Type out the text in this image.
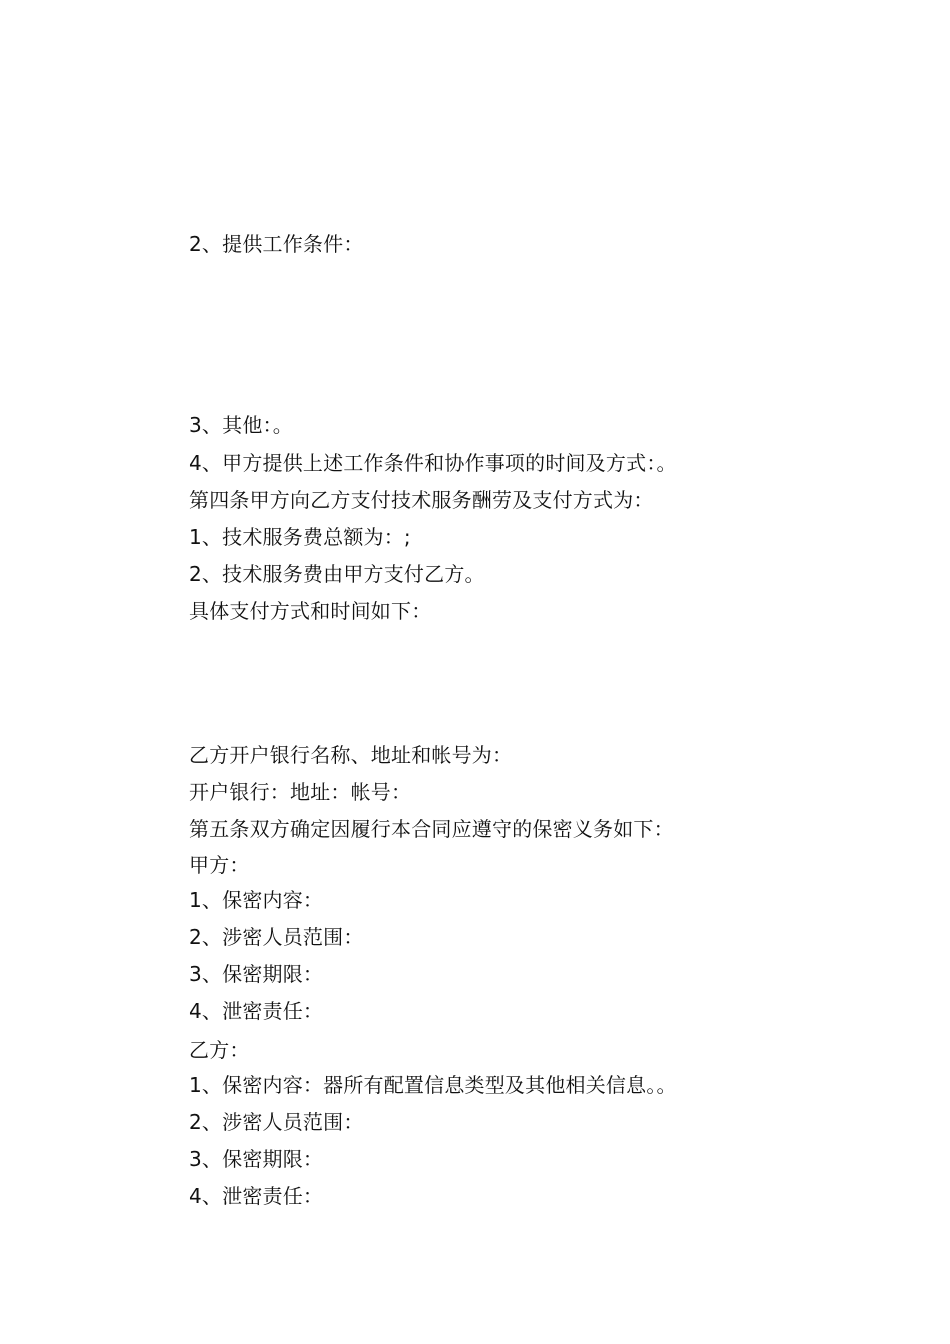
2、提供工作条件：

3、其他：。

4、甲方提供上述工作条件和协作事项的时间及方式：。

第四条甲方向乙方支付技术服务酬劳及支付方式为：

1、技术服务费总额为：;

2、技术服务费由甲方支付乙方。

具体支付方式和时间如下：

乙方开户银行名称、地址和帐号为：

开户银行：地址：帐号：

第五条双方确定因履行本合同应遵守的保密义务如下：

甲方：

1、保密内容：

2、涉密人员范围：

3、保密期限：

4、泄密责任：

乙方：

1、保密内容：器所有配置信息类型及其他相关信息。。

2、涉密人员范围：

3、保密期限：

4、泄密责任：
